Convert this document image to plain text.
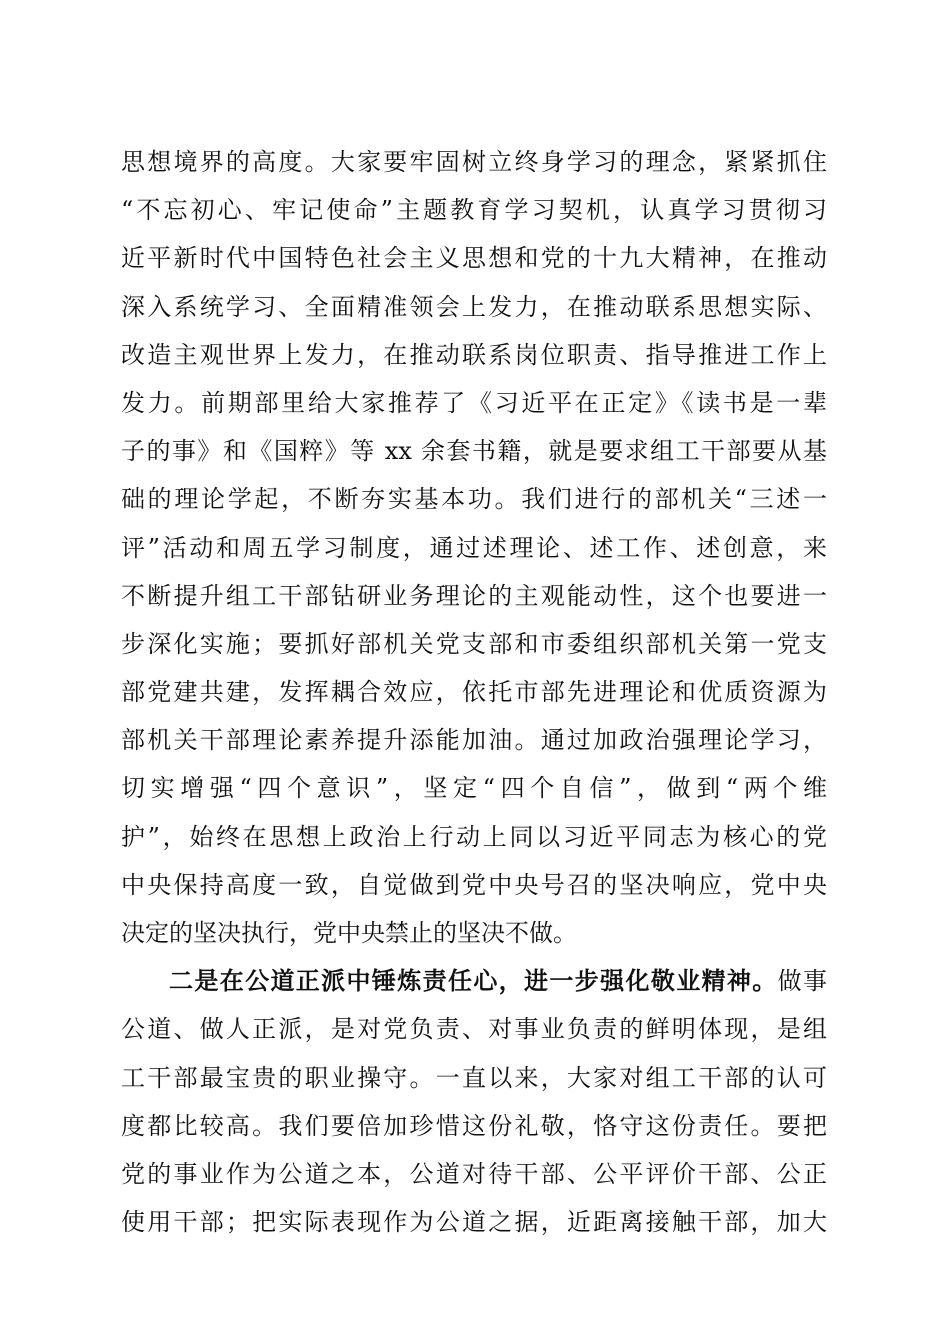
思想境界的高度。大家要牢固树立终身学习的理念，紧紧抓住
“不忘初心、牢记使命”主题教育学习契机，认真学习贯彻习
近平新时代中国特色社会主义思想和党的十九大精神，在推动
深入系统学习、全面精准领会上发力，在推动联系思想实际、
改造主观世界上发力，在推动联系岗位职责、指导推进工作上
发力。前期部里给大家推荐了《习近平在正定》《读书是一辈
子的事》和《国粹》等 xx 余套书籍，就是要求组工干部要从基
础的理论学起，不断夯实基本功。我们进行的部机关“三述一
评”活动和周五学习制度，通过述理论、述工作、述创意，来
不断提升组工干部钻研业务理论的主观能动性，这个也要进一
步深化实施；要抓好部机关党支部和市委组织部机关第一党支
部党建共建，发挥耦合效应，依托市部先进理论和优质资源为
部机关干部理论素养提升添能加油。通过加政治强理论学习，
切实增强“四个意识”，坚定“四个自信”，做到“两个维
护”，始终在思想上政治上行动上同以习近平同志为核心的党
中央保持高度一致，自觉做到党中央号召的坚决响应，党中央
决定的坚决执行，党中央禁止的坚决不做。
二是在公道正派中锤炼责任心，进一步强化敬业精神。做事
公道、做人正派，是对党负责、对事业负责的鲜明体现，是组
工干部最宝贵的职业操守。一直以来，大家对组工干部的认可
度都比较高。我们要倍加珍惜这份礼敬，恪守这份责任。要把
党的事业作为公道之本，公道对待干部、公平评价干部、公正
使用干部；把实际表现作为公道之据，近距离接触干部，加大
